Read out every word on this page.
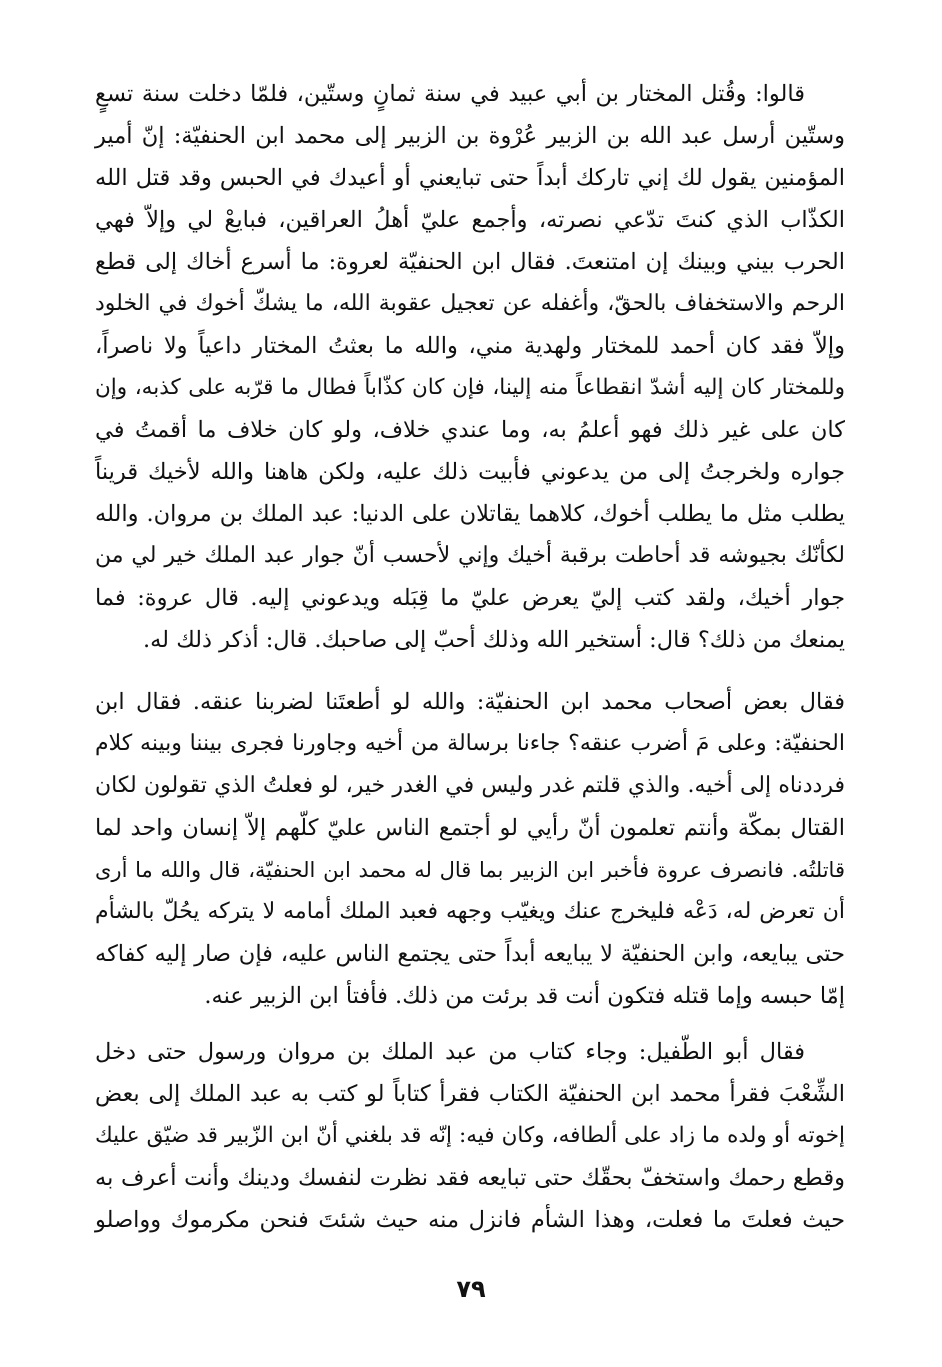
قالوا: وقُتل المختار بن أبي عبيد في سنة ثمانٍ وستّين، فلمّا دخلت سنة تسعٍ
وستّين أرسل عبد الله بن الزبير عُرْوة بن الزبير إلى محمد ابن الحنفيّة: إنّ أمير
المؤمنين يقول لك إني تاركك أبداً حتى تبايعني أو أعيدك في الحبس وقد قتل الله
الكذّاب الذي كنتَ تدّعي نصرته، وأجمع عليّ أهلُ العراقين، فبايعْ لي وإلاّ فهي
الحرب بيني وبينك إن امتنعتَ. فقال ابن الحنفيّة لعروة: ما أسرع أخاك إلى قطع
الرحم والاستخفاف بالحقّ، وأغفله عن تعجيل عقوبة الله، ما يشكّ أخوك في الخلود
وإلاّ فقد كان أحمد للمختار ولهدية مني، والله ما بعثتُ المختار داعياً ولا ناصراً،
وللمختار كان إليه أشدّ انقطاعاً منه إلينا، فإن كان كذّاباً فطال ما قرّبه على كذبه، وإن
كان على غير ذلك فهو أعلمُ به، وما عندي خلاف، ولو كان خلاف ما أقمتُ في
جواره ولخرجتُ إلى من يدعوني فأبيت ذلك عليه، ولكن هاهنا والله لأخيك قريناً
يطلب مثل ما يطلب أخوك، كلاهما يقاتلان على الدنيا: عبد الملك بن مروان. والله
لكأنّك بجيوشه قد أحاطت برقبة أخيك وإني لأحسب أنّ جوار عبد الملك خير لي من
جوار أخيك، ولقد كتب إليّ يعرض عليّ ما قِبَله ويدعوني إليه. قال عروة: فما
يمنعك من ذلك؟ قال: أستخير الله وذلك أحبّ إلى صاحبك. قال: أذكر ذلك له.
فقال بعض أصحاب محمد ابن الحنفيّة: والله لو أطعتَنا لضربنا عنقه. فقال ابن
الحنفيّة: وعلى مَ أضرب عنقه؟ جاءنا برسالة من أخيه وجاورنا فجرى بيننا وبينه كلام
فرددناه إلى أخيه. والذي قلتم غدر وليس في الغدر خير، لو فعلتُ الذي تقولون لكان
القتال بمكّة وأنتم تعلمون أنّ رأيي لو أجتمع الناس عليّ كلّهم إلاّ إنسان واحد لما
قاتلتُه. فانصرف عروة فأخبر ابن الزبير بما قال له محمد ابن الحنفيّة، قال والله ما أرى
أن تعرض له، دَعْه فليخرج عنك ويغيّب وجهه فعبد الملك أمامه لا يتركه يحُلّ بالشأم
حتى يبايعه، وابن الحنفيّة لا يبايعه أبداً حتى يجتمع الناس عليه، فإن صار إليه كفاكه
إمّا حبسه وإما قتله فتكون أنت قد برئت من ذلك. فأفتأ ابن الزبير عنه.
فقال أبو الطّفيل: وجاء كتاب من عبد الملك بن مروان ورسول حتى دخل
الشِّعْبَ فقرأ محمد ابن الحنفيّة الكتاب فقرأ كتاباً لو كتب به عبد الملك إلى بعض
إخوته أو ولده ما زاد على ألطافه، وكان فيه: إنّه قد بلغني أنّ ابن الزّبير قد ضيّق عليك
وقطع رحمك واستخفّ بحقّك حتى تبايعه فقد نظرت لنفسك ودينك وأنت أعرف به
حيث فعلتَ ما فعلت، وهذا الشأم فانزل منه حيث شئتَ فنحن مكرموك وواصلو
٧٩
